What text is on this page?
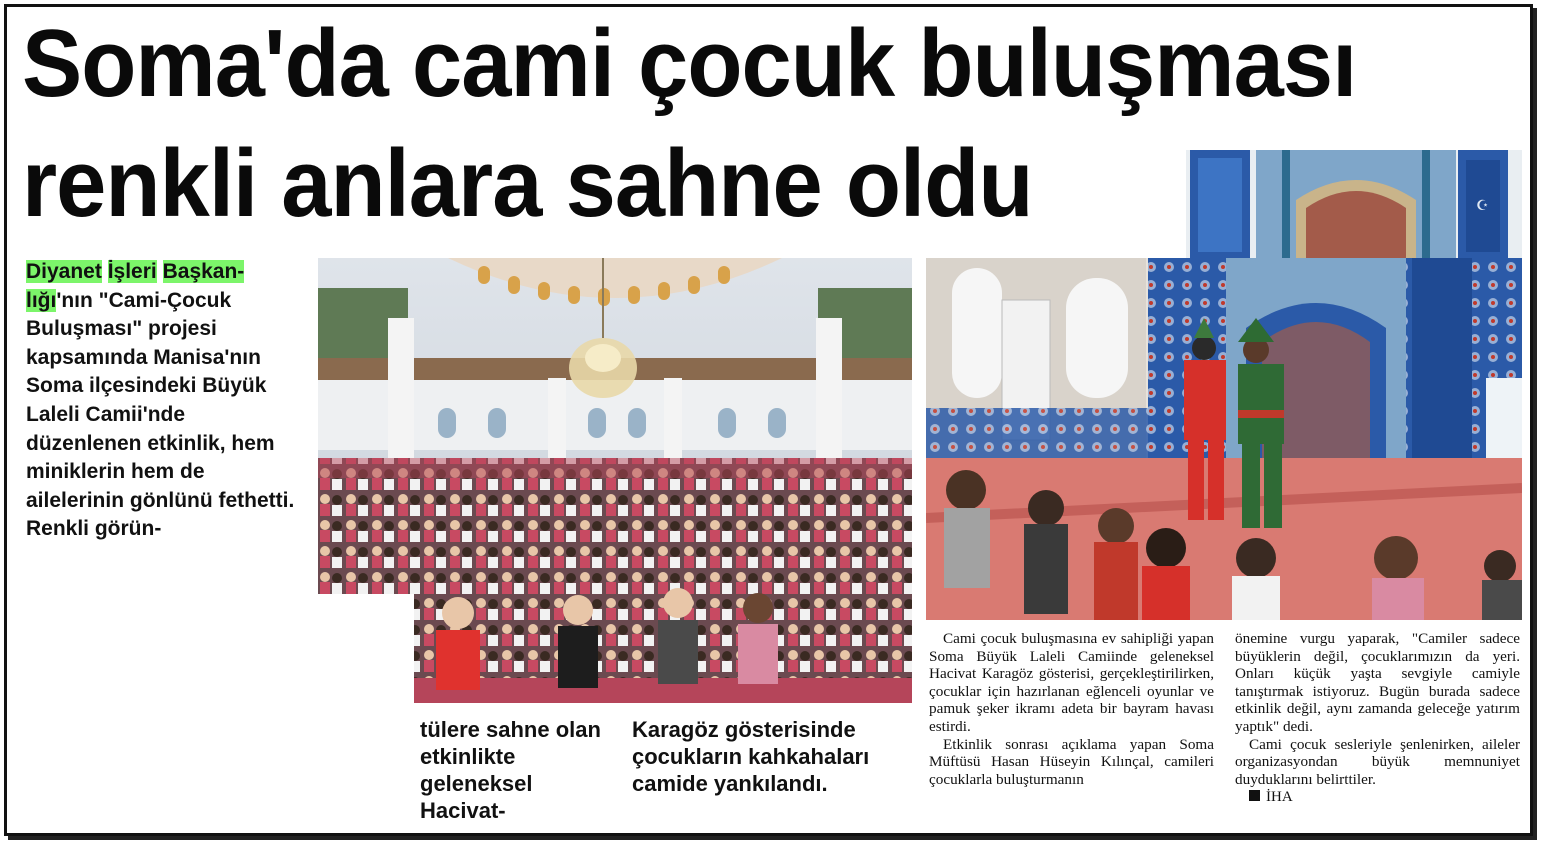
Soma'da cami çocuk buluşması
renkli anlara sahne oldu	☪

Diyanet İşleri Başkan-lığı'nın "Cami-Çocuk Buluşması" projesi kapsamında Manisa'nın Soma ilçesindeki Büyük Laleli Camii'nde düzenlenen etkinlik, hem miniklerin hem de ailelerinin gönlünü fethetti. Renkli görün-

tülere sahne olan etkinlikte geleneksel Hacivat-

Karagöz gösterisinde çocukların kahkahaları camide yankılandı.

Cami çocuk buluşmasına ev sahipliği yapan Soma Büyük Laleli Camiinde geleneksel Hacivat Karagöz gösterisi, gerçekleştirilirken, çocuklar için hazırlanan eğlenceli oyunlar ve pamuk şeker ikramı adeta bir bayram havası estirdi.

Etkinlik sonrası açıklama yapan Soma Müftüsü Hasan Hüseyin Kılınçal, camileri çocuklarla buluşturmanın

önemine vurgu yaparak, "Camiler sadece büyüklerin değil, çocuklarımızın da yeri. Onları küçük yaşta sevgiyle camiyle tanıştırmak istiyoruz. Bugün burada sadece etkinlik değil, aynı zamanda geleceğe yatırım yaptık" dedi.

Cami çocuk sesleriyle şenlenirken, aileler organizasyondan büyük memnuniyet duyduklarını belirttiler.

İHA
